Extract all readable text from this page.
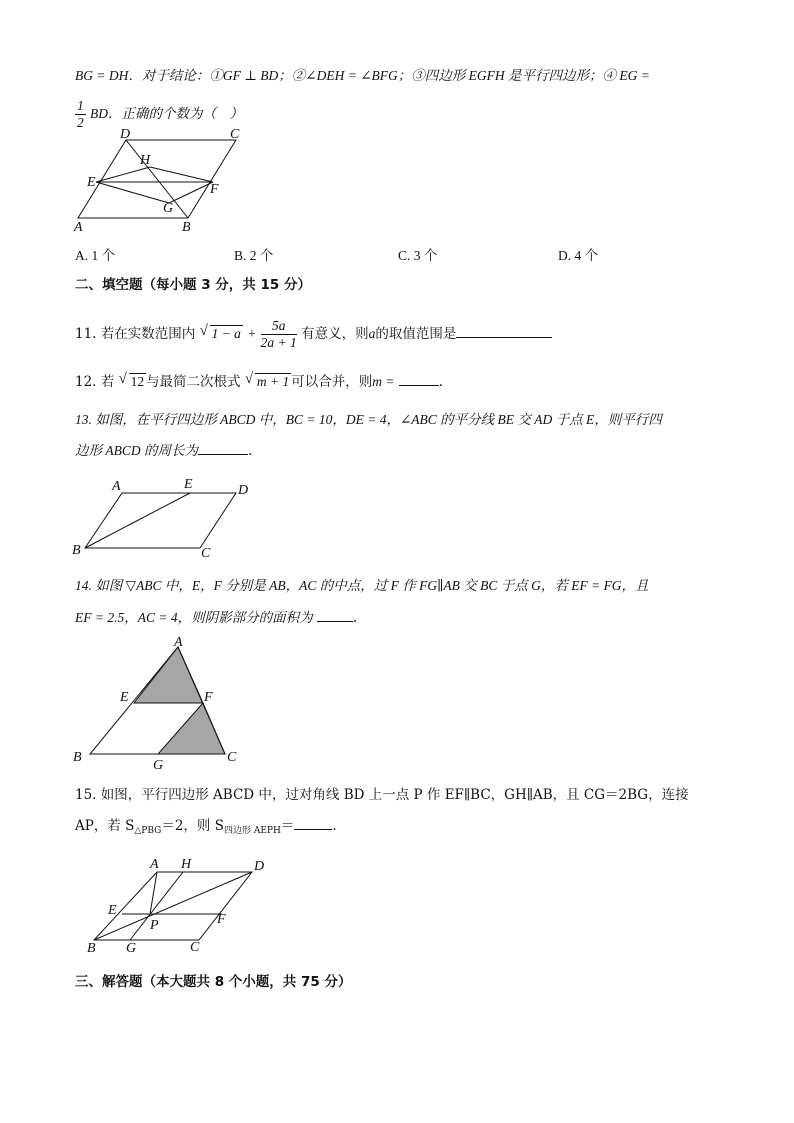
BG = DH．对于结论：①GF ⊥ BD；②∠DEH = ∠BFG；③四边形 EGFH 是平行四边形；④ EG =
$\frac{1}{2}$ BD．正确的个数为（　）
D	C
H
E	F
G
A	B
A. 1 个	B. 2 个	C. 3 个	D. 4 个
二、填空题（每小题 3 分，共 15 分）
11. 若在实数范围内 √ $1 - a + \frac{5a}{2a + 1}$ 有意义，则a的取值范围是
12. 若 √ 12 与最简二次根式 √ m + 1 可以合并，则m =	.
13. 如图，在平行四边形 ABCD 中，BC = 10，DE = 4，∠ABC 的平分线 BE 交 AD 于点 E，则平行四
边形 ABCD 的周长为	.
A	E	D
B	C
14. 如图 ▽ABC 中，E，F 分别是 AB，AC 的中点，过 F 作 FG∥AB 交 BC 于点 G，若 EF = FG，且
EF = 2.5，AC = 4，则阴影部分的面积为	.
A
E	F
B
G
C
15. 如图，平行四边形 ABCD 中，过对角线 BD 上一点 P 作 EF∥BC，GH∥AB，且 CG＝2BG，连接
AP，若 $S_{\triangle PBG}=2$，则 $S_{四边形 AEPH}=$	.
A H	D
E
P	F
B G	C
三、解答题（本大题共 8 个小题，共 75 分）
